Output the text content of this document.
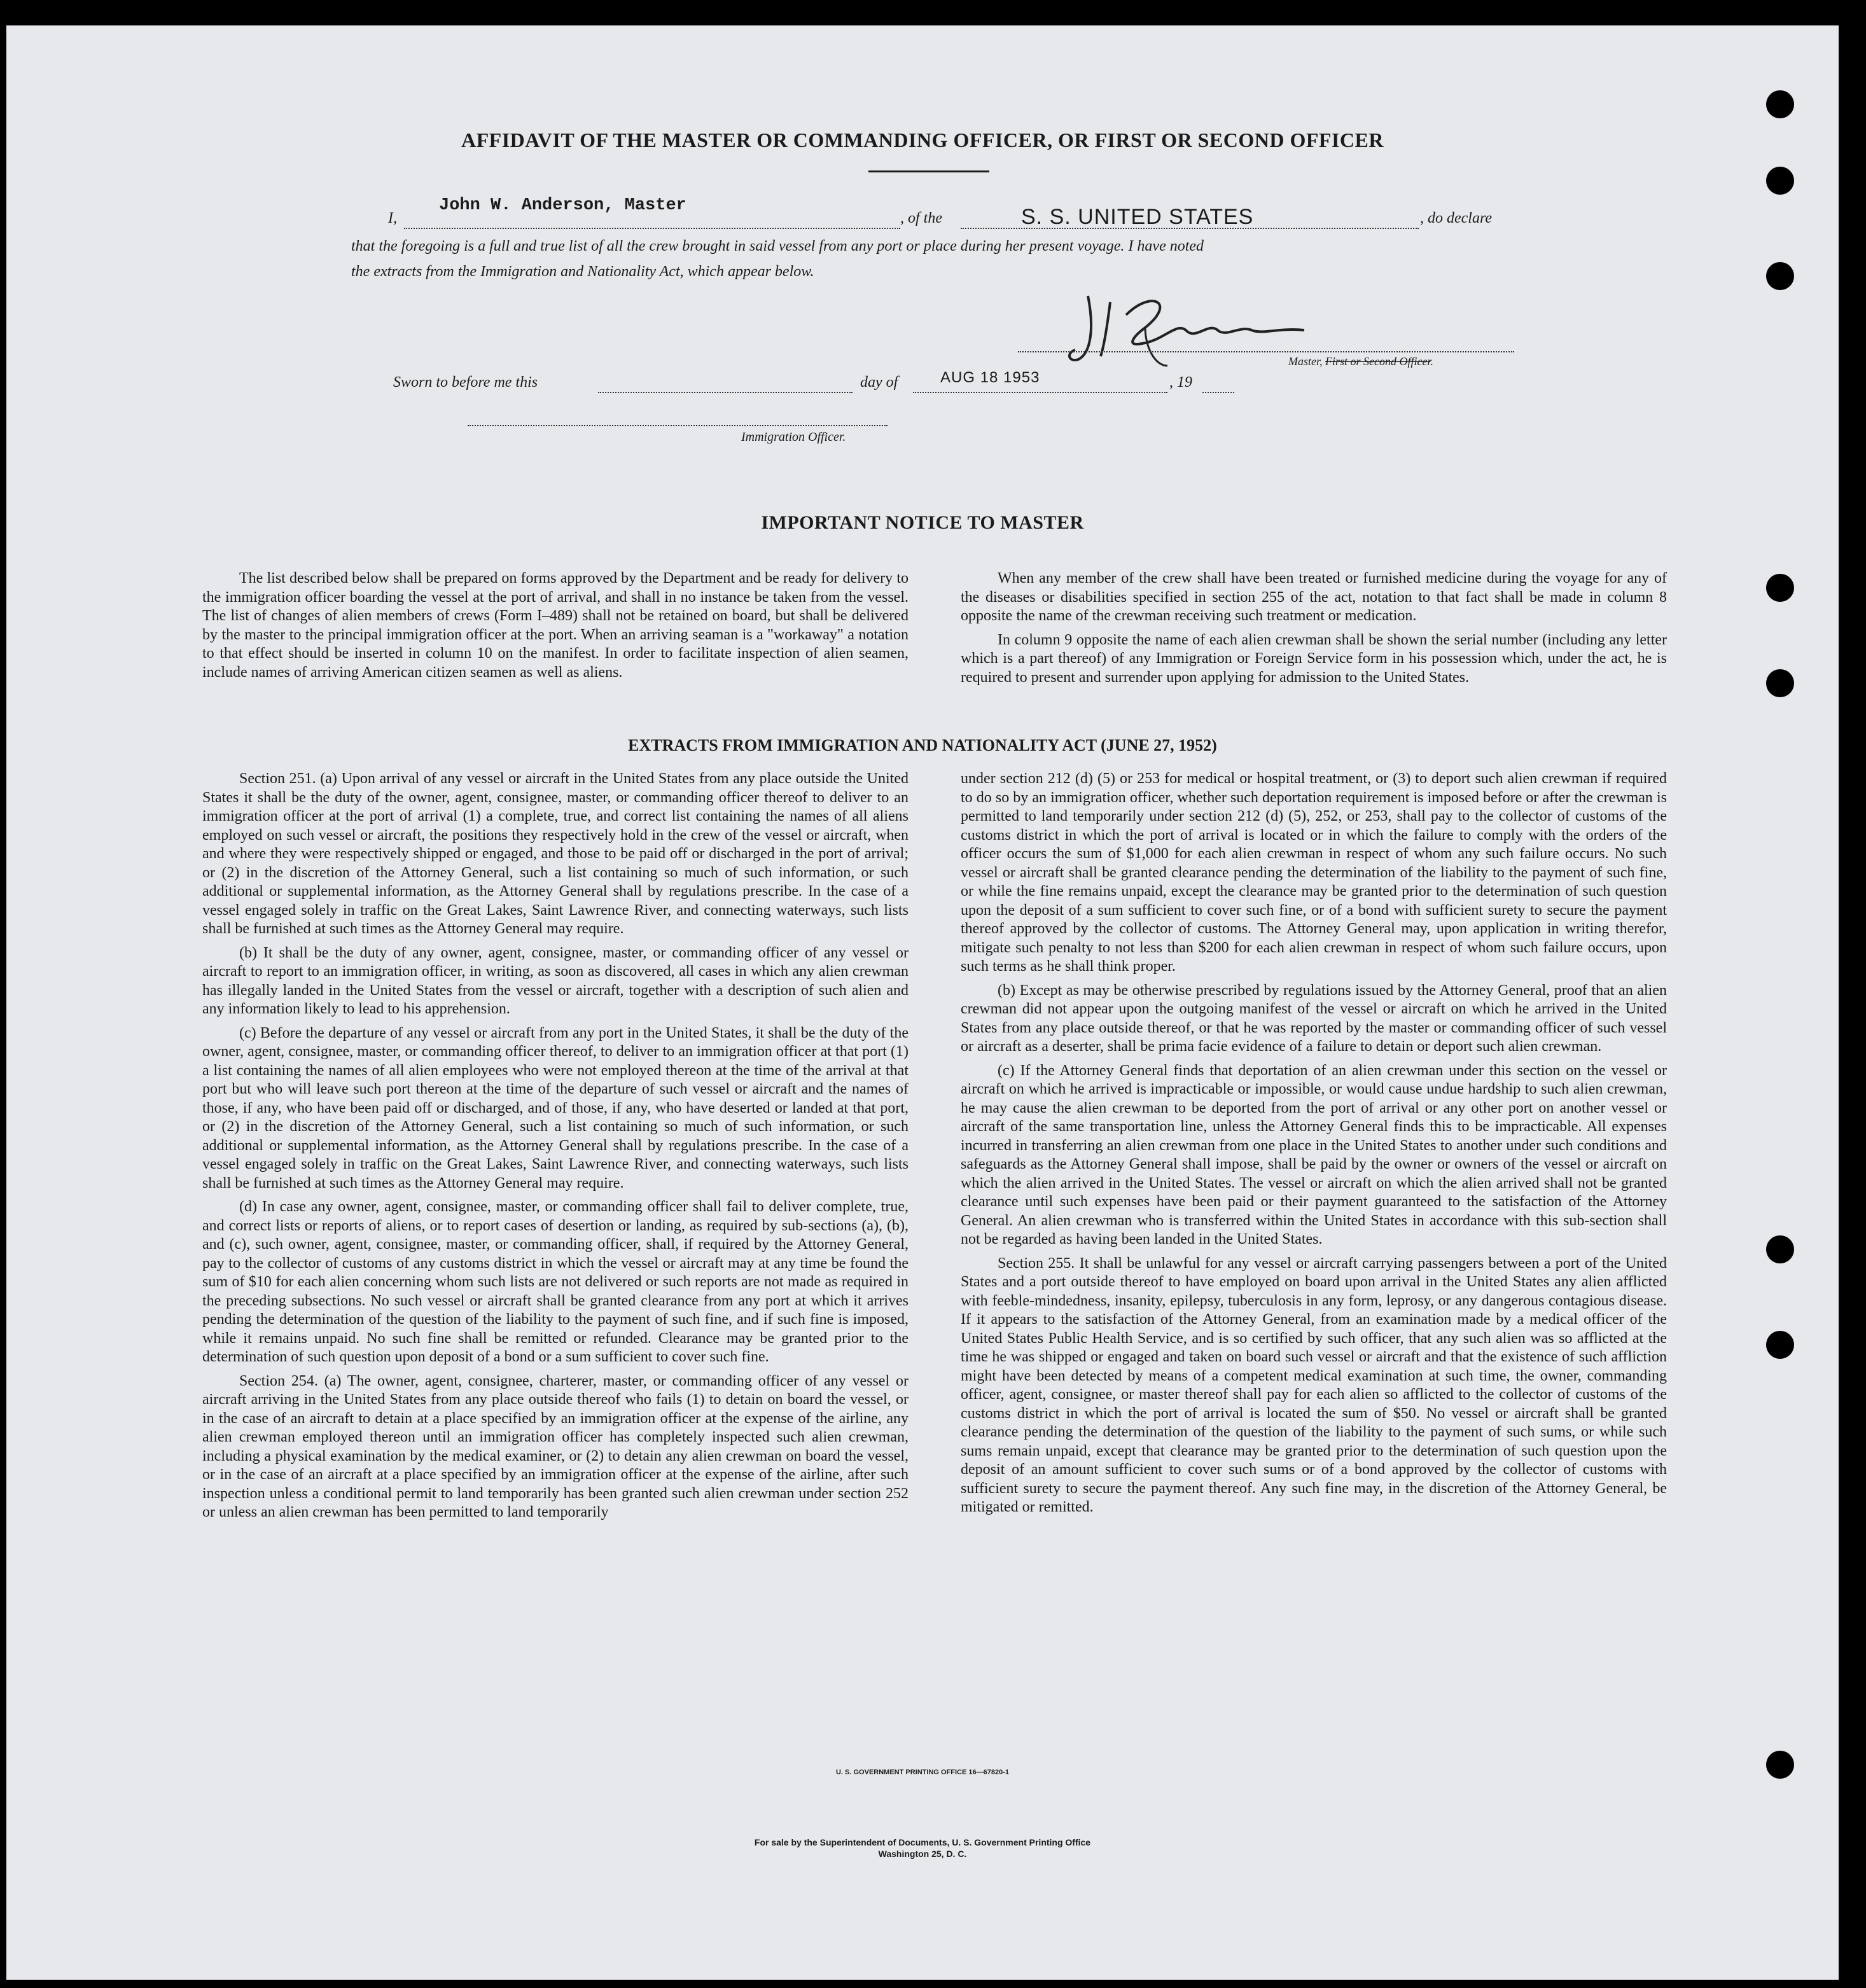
AFFIDAVIT OF THE MASTER OR COMMANDING OFFICER, OR FIRST OR SECOND OFFICER
I,
John W. Anderson, Master
, of the	S. S. UNITED STATES	, do declare
that the foregoing is a full and true list of all the crew brought in said vessel from any port or place during her present voyage. I have noted
the extracts from the Immigration and Nationality Act, which appear below.
Master, First or Second Officer.
Sworn to before me this	day of	AUG 18 1953	, 19
Immigration Officer.
IMPORTANT NOTICE TO MASTER

The list described below shall be prepared on forms approved by the Department and be ready for delivery to the immigration officer boarding the vessel at the port of arrival, and shall in no instance be taken from the vessel. The list of changes of alien members of crews (Form I–489) shall not be retained on board, but shall be delivered by the master to the principal immigration officer at the port. When an arriving seaman is a "workaway" a notation to that effect should be inserted in column 10 on the manifest. In order to facilitate inspection of alien seamen, include names of arriving American citizen seamen as well as aliens.

When any member of the crew shall have been treated or furnished medicine during the voyage for any of the diseases or disabilities specified in section 255 of the act, notation to that fact shall be made in column 8 opposite the name of the crewman receiving such treatment or medication.

In column 9 opposite the name of each alien crewman shall be shown the serial number (including any letter which is a part thereof) of any Immigration or Foreign Service form in his possession which, under the act, he is required to present and surrender upon applying for admission to the United States.

EXTRACTS FROM IMMIGRATION AND NATIONALITY ACT (JUNE 27, 1952)

Section 251. (a) Upon arrival of any vessel or aircraft in the United States from any place outside the United States it shall be the duty of the owner, agent, consignee, master, or commanding officer thereof to deliver to an immigration officer at the port of arrival (1) a complete, true, and correct list containing the names of all aliens employed on such vessel or aircraft, the positions they respectively hold in the crew of the vessel or aircraft, when and where they were respectively shipped or engaged, and those to be paid off or discharged in the port of arrival; or (2) in the discretion of the Attorney General, such a list containing so much of such information, or such additional or supplemental information, as the Attorney General shall by regulations prescribe. In the case of a vessel engaged solely in traffic on the Great Lakes, Saint Lawrence River, and connecting waterways, such lists shall be furnished at such times as the Attorney General may require.

(b) It shall be the duty of any owner, agent, consignee, master, or commanding officer of any vessel or aircraft to report to an immigration officer, in writing, as soon as discovered, all cases in which any alien crewman has illegally landed in the United States from the vessel or aircraft, together with a description of such alien and any information likely to lead to his apprehension.

(c) Before the departure of any vessel or aircraft from any port in the United States, it shall be the duty of the owner, agent, consignee, master, or commanding officer thereof, to deliver to an immigration officer at that port (1) a list containing the names of all alien employees who were not employed thereon at the time of the arrival at that port but who will leave such port thereon at the time of the departure of such vessel or aircraft and the names of those, if any, who have been paid off or discharged, and of those, if any, who have deserted or landed at that port, or (2) in the discretion of the Attorney General, such a list containing so much of such information, or such additional or supplemental information, as the Attorney General shall by regulations prescribe. In the case of a vessel engaged solely in traffic on the Great Lakes, Saint Lawrence River, and connecting waterways, such lists shall be furnished at such times as the Attorney General may require.

(d) In case any owner, agent, consignee, master, or commanding officer shall fail to deliver complete, true, and correct lists or reports of aliens, or to report cases of desertion or landing, as required by sub-sections (a), (b), and (c), such owner, agent, consignee, master, or commanding officer, shall, if required by the Attorney General, pay to the collector of customs of any customs district in which the vessel or aircraft may at any time be found the sum of $10 for each alien concerning whom such lists are not delivered or such reports are not made as required in the preceding subsections. No such vessel or aircraft shall be granted clearance from any port at which it arrives pending the determination of the question of the liability to the payment of such fine, and if such fine is imposed, while it remains unpaid. No such fine shall be remitted or refunded. Clearance may be granted prior to the determination of such question upon deposit of a bond or a sum sufficient to cover such fine.

Section 254. (a) The owner, agent, consignee, charterer, master, or commanding officer of any vessel or aircraft arriving in the United States from any place outside thereof who fails (1) to detain on board the vessel, or in the case of an aircraft to detain at a place specified by an immigration officer at the expense of the airline, any alien crewman employed thereon until an immigration officer has completely inspected such alien crewman, including a physical examination by the medical examiner, or (2) to detain any alien crewman on board the vessel, or in the case of an aircraft at a place specified by an immigration officer at the expense of the airline, after such inspection unless a conditional permit to land temporarily has been granted such alien crewman under section 252 or unless an alien crewman has been permitted to land temporarily

under section 212 (d) (5) or 253 for medical or hospital treatment, or (3) to deport such alien crewman if required to do so by an immigration officer, whether such deportation requirement is imposed before or after the crewman is permitted to land temporarily under section 212 (d) (5), 252, or 253, shall pay to the collector of customs of the customs district in which the port of arrival is located or in which the failure to comply with the orders of the officer occurs the sum of $1,000 for each alien crewman in respect of whom any such failure occurs. No such vessel or aircraft shall be granted clearance pending the determination of the liability to the payment of such fine, or while the fine remains unpaid, except the clearance may be granted prior to the determination of such question upon the deposit of a sum sufficient to cover such fine, or of a bond with sufficient surety to secure the payment thereof approved by the collector of customs. The Attorney General may, upon application in writing therefor, mitigate such penalty to not less than $200 for each alien crewman in respect of whom such failure occurs, upon such terms as he shall think proper.

(b) Except as may be otherwise prescribed by regulations issued by the Attorney General, proof that an alien crewman did not appear upon the outgoing manifest of the vessel or aircraft on which he arrived in the United States from any place outside thereof, or that he was reported by the master or commanding officer of such vessel or aircraft as a deserter, shall be prima facie evidence of a failure to detain or deport such alien crewman.

(c) If the Attorney General finds that deportation of an alien crewman under this section on the vessel or aircraft on which he arrived is impracticable or impossible, or would cause undue hardship to such alien crewman, he may cause the alien crewman to be deported from the port of arrival or any other port on another vessel or aircraft of the same transportation line, unless the Attorney General finds this to be impracticable. All expenses incurred in transferring an alien crewman from one place in the United States to another under such conditions and safeguards as the Attorney General shall impose, shall be paid by the owner or owners of the vessel or aircraft on which the alien arrived in the United States. The vessel or aircraft on which the alien arrived shall not be granted clearance until such expenses have been paid or their payment guaranteed to the satisfaction of the Attorney General. An alien crewman who is transferred within the United States in accordance with this sub-section shall not be regarded as having been landed in the United States.

Section 255. It shall be unlawful for any vessel or aircraft carrying passengers between a port of the United States and a port outside thereof to have employed on board upon arrival in the United States any alien afflicted with feeble-mindedness, insanity, epilepsy, tuberculosis in any form, leprosy, or any dangerous contagious disease. If it appears to the satisfaction of the Attorney General, from an examination made by a medical officer of the United States Public Health Service, and is so certified by such officer, that any such alien was so afflicted at the time he was shipped or engaged and taken on board such vessel or aircraft and that the existence of such affliction might have been detected by means of a competent medical examination at such time, the owner, commanding officer, agent, consignee, or master thereof shall pay for each alien so afflicted to the collector of customs of the customs district in which the port of arrival is located the sum of $50. No vessel or aircraft shall be granted clearance pending the determination of the question of the liability to the payment of such sums, or while such sums remain unpaid, except that clearance may be granted prior to the determination of such question upon the deposit of an amount sufficient to cover such sums or of a bond approved by the collector of customs with sufficient surety to secure the payment thereof. Any such fine may, in the discretion of the Attorney General, be mitigated or remitted.

U. S. GOVERNMENT PRINTING OFFICE 16—67820-1
For sale by the Superintendent of Documents, U. S. Government Printing Office
Washington 25, D. C.
